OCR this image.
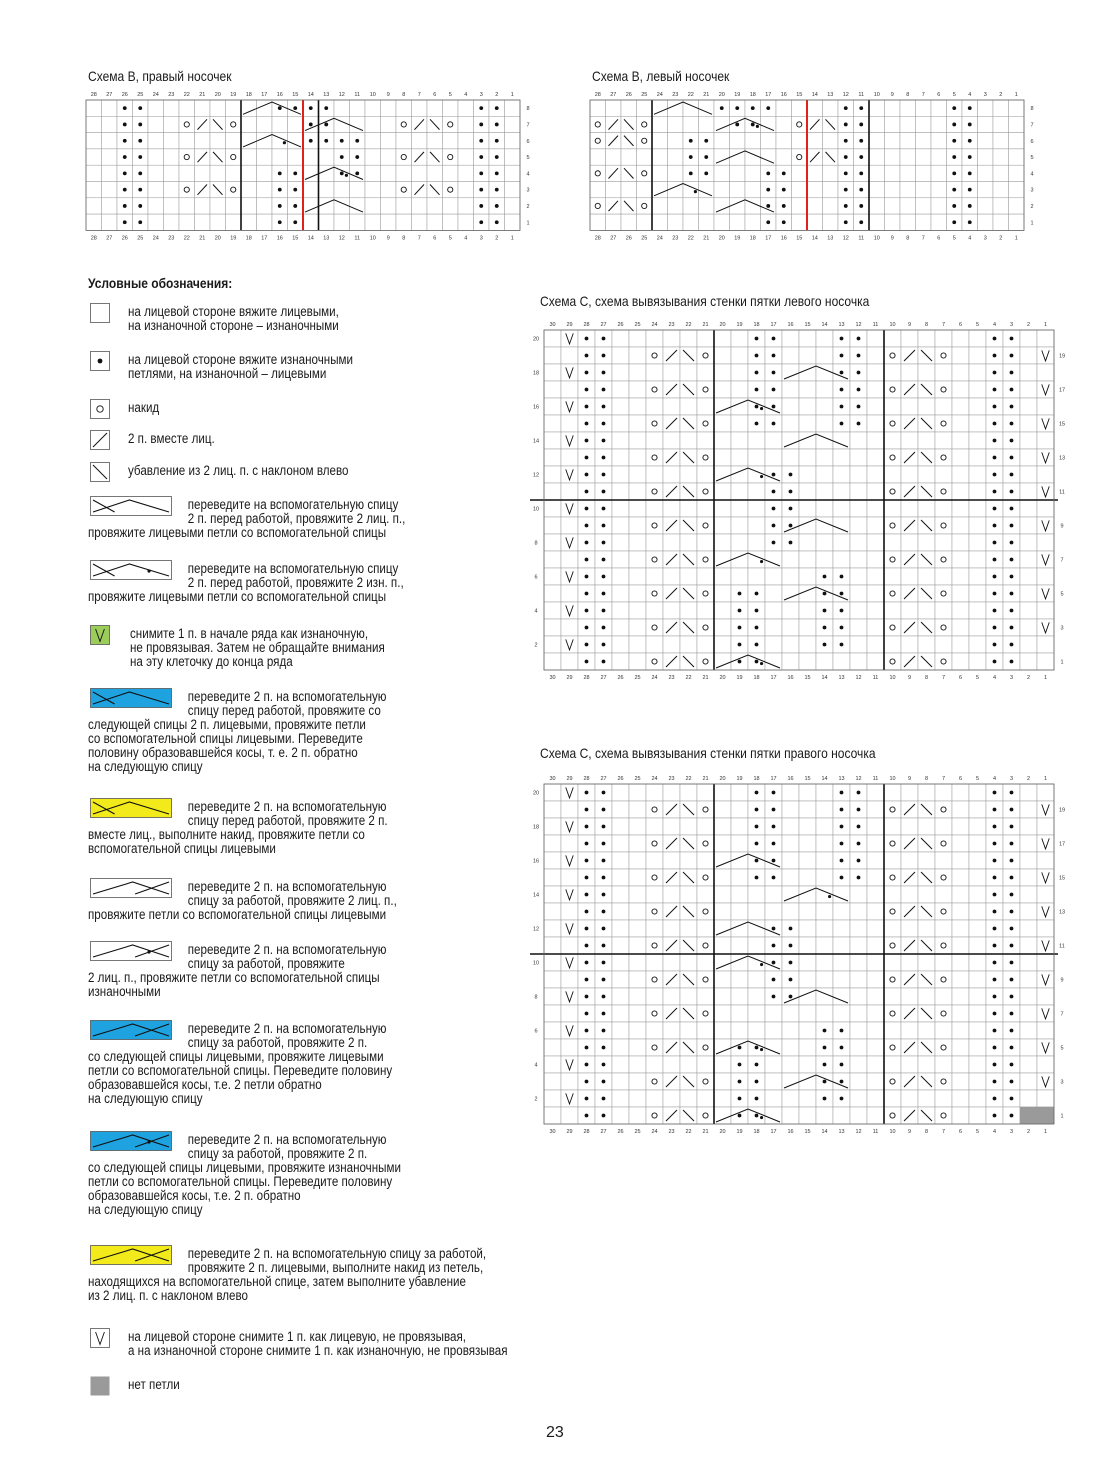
Схема В, правый носочек	Схема В, левый носочек
Схема С, схема вывязывания стенки пятки левого носочка
Схема С, схема вывязывания стенки пятки правого носочка
28
28
27
27
26
26
25
25
24
24
23
23
22
22
21
21
20
20
19
19
18
18
17
17
16
16
15
15
14
14
13
13
12
12
11
11
10
10
9
9
8
8
7
7
6
6
5
5
4
4
3
3
2
2
1
1
8
7
6
5
4
3
2
1
28
28
27
27
26
26
25
25
24
24
23
23
22
22
21
21
20
20
19
19
18
18
17
17
16
16
15
15
14
14
13
13
12
12
11
11
10
10
9
9
8
8
7
7
6
6
5
5
4
4
3
3
2
2
1
1
8
7
6
5
4
3
2
1
30
30
29
29
28
28
27
27
26
26
25
25
24
24
23
23
22
22
21
21
20
20
19
19
18
18
17
17
16
16
15
15
14
14
13
13
12
12
11
11
10
10
9
9
8
8
7
7
6
6
5
5
4
4
3
3
2
2
1
1
20
19
18
17
16
15
14
13
12
11
10
9
8
7
6
5
4
3
2
1
30
30
29
29
28
28
27
27
26
26
25
25
24
24
23
23
22
22
21
21
20
20
19
19
18
18
17
17
16
16
15
15
14
14
13
13
12
12
11
11
10
10
9
9
8
8
7
7
6
6
5
5
4
4
3
3
2
2
1
1
20
19
18
17
16
15
14
13
12
11
10
9
8
7
6
5
4
3
2
1
Условные обозначения:
на лицевой стороне вяжите лицевыми,
на изнаночной стороне – изнаночными
на лицевой стороне вяжите изнаночными
петлями, на изнаночной – лицевыми
накид
2 п. вместе лиц.
убавление из 2 лиц. п. с наклоном влево
переведите на вспомогательную спицу
2 п. перед работой, провяжите 2 лиц. п.,
провяжите лицевыми петли со вспомогательной спицы
переведите на вспомогательную спицу
2 п. перед работой, провяжите 2 изн. п.,
провяжите лицевыми петли со вспомогательной спицы
снимите 1 п. в начале ряда как изнаночную,
не провязывая. Затем не обращайте внимания
на эту клеточку до конца ряда
переведите 2 п. на вспомогательную
спицу перед работой, провяжите со
следующей спицы 2 п. лицевыми, провяжите петли
со вспомогательной спицы лицевыми. Переведите
половину образовавшейся косы, т. е. 2 п. обратно
на следующую спицу
переведите 2 п. на вспомогательную
спицу перед работой, провяжите 2 п.
вместе лиц., выполните накид, провяжите петли со
вспомогательной спицы лицевыми
переведите 2 п. на вспомогательную
спицу за работой, провяжите 2 лиц. п.,
провяжите петли со вспомогательной спицы лицевыми
переведите 2 п. на вспомогательную
спицу за работой, провяжите
2 лиц. п., провяжите петли со вспомогательной спицы
изнаночными
переведите 2 п. на вспомогательную
спицу за работой, провяжите 2 п.
со следующей спицы лицевыми, провяжите лицевыми
петли со вспомогательной спицы. Переведите половину
образовавшейся косы, т.е. 2 петли обратно
на следующую спицу
переведите 2 п. на вспомогательную
спицу за работой, провяжите 2 п.
со следующей спицы лицевыми, провяжите изнаночными
петли со вспомогательной спицы. Переведите половину
образовавшейся косы, т.е. 2 п. обратно
на следующую спицу
переведите 2 п. на вспомогательную спицу за работой,
провяжите 2 п. лицевыми, выполните накид из петель,
находящихся на вспомогательной спице, затем выполните убавление
из 2 лиц. п. с наклоном влево
на лицевой стороне снимите 1 п. как лицевую, не провязывая,
а на изнаночной стороне снимите 1 п. как изнаночную, не провязывая
нет петли
23
